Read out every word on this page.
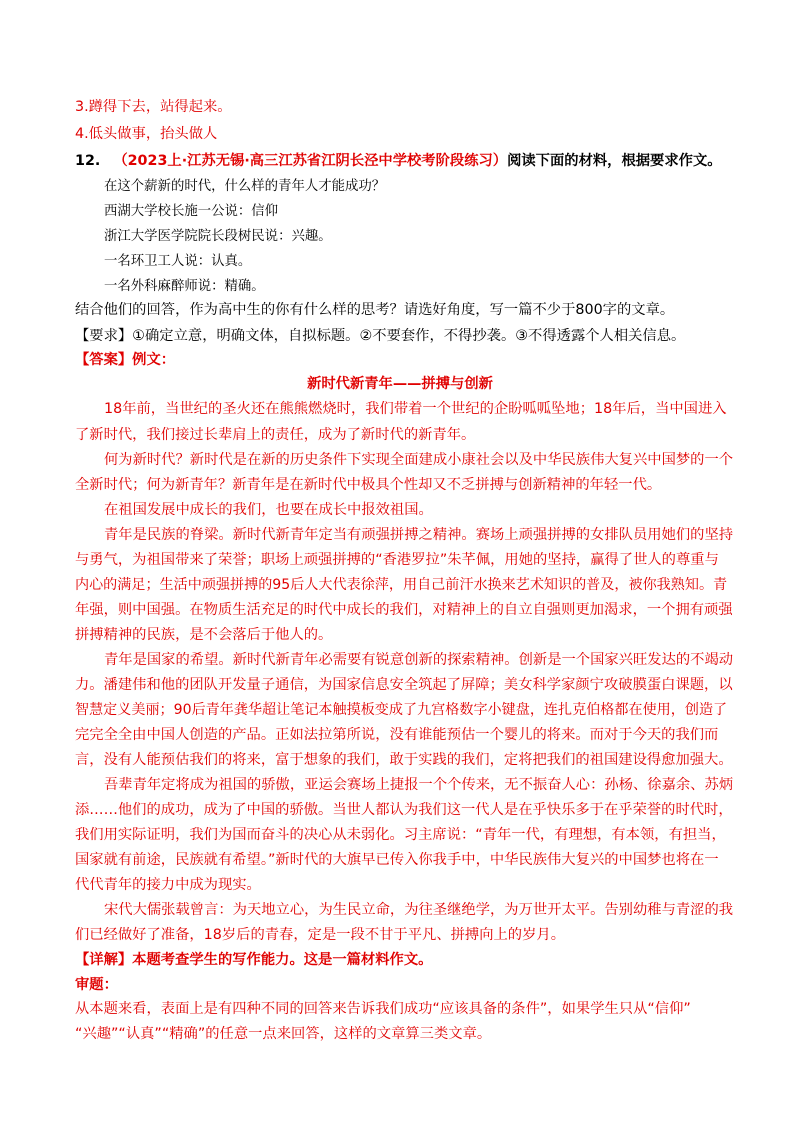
3.蹲得下去，站得起来。
4.低头做事，抬头做人
12. （2023上·江苏无锡·高三江苏省江阴长泾中学校考阶段练习）阅读下面的材料，根据要求作文。
在这个薪新的时代，什么样的青年人才能成功？
西湖大学校长施一公说：信仰
浙江大学医学院院长段树民说：兴趣。
一名环卫工人说：认真。
一名外科麻醉师说：精确。
结合他们的回答，作为高中生的你有什么样的思考？请选好角度，写一篇不少于800字的文章。
【要求】①确定立意，明确文体，自拟标题。②不要套作，不得抄袭。③不得透露个人相关信息。
【答案】例文：
新时代新青年——拼搏与创新
18年前，当世纪的圣火还在熊熊燃烧时，我们带着一个世纪的企盼呱呱坠地；18年后，当中国进入
了新时代，我们接过长辈肩上的责任，成为了新时代的新青年。
何为新时代？新时代是在新的历史条件下实现全面建成小康社会以及中华民族伟大复兴中国梦的一个
全新时代；何为新青年？新青年是在新时代中极具个性却又不乏拼搏与创新精神的年轻一代。
在祖国发展中成长的我们，也要在成长中报效祖国。
青年是民族的脊梁。新时代新青年定当有顽强拼搏之精神。赛场上顽强拼搏的女排队员用她们的坚持
与勇气，为祖国带来了荣誉；职场上顽强拼搏的“香港罗拉”朱芊佩，用她的坚持，赢得了世人的尊重与
内心的满足；生活中顽强拼搏的95后人大代表徐萍，用自己前汗水换来艺术知识的普及，被你我熟知。青
年强，则中国强。在物质生活充足的时代中成长的我们，对精神上的自立自强则更加渴求，一个拥有顽强
拼搏精神的民族，是不会落后于他人的。
青年是国家的希望。新时代新青年必需要有锐意创新的探索精神。创新是一个国家兴旺发达的不竭动
力。潘建伟和他的团队开发量子通信，为国家信息安全筑起了屏障；美女科学家颜宁攻破膜蛋白课题，以
智慧定义美丽；90后青年龚华超让笔记本触摸板变成了九宫格数字小键盘，连扎克伯格都在使用，创造了
完完全全由中国人创造的产品。正如法拉第所说，没有谁能预估一个婴儿的将来。而对于今天的我们而
言，没有人能预估我们的将来，富于想象的我们，敢于实践的我们，定将把我们的祖国建设得愈加强大。
吾辈青年定将成为祖国的骄傲，亚运会赛场上捷报一个个传来，无不振奋人心：孙杨、徐嘉余、苏炳
添……他们的成功，成为了中国的骄傲。当世人都认为我们这一代人是在乎快乐多于在乎荣誉的时代时，
我们用实际证明，我们为国而奋斗的决心从未弱化。习主席说：“青年一代，有理想，有本领，有担当，
国家就有前途，民族就有希望。”新时代的大旗早已传入你我手中，中华民族伟大复兴的中国梦也将在一
代代青年的接力中成为现实。
宋代大儒张载曾言：为天地立心，为生民立命，为往圣继绝学，为万世开太平。告别幼稚与青涩的我
们已经做好了准备，18岁后的青春，定是一段不甘于平凡、拼搏向上的岁月。
【详解】本题考查学生的写作能力。这是一篇材料作文。
审题：
从本题来看，表面上是有四种不同的回答来告诉我们成功“应该具备的条件”，如果学生只从“信仰”
“兴趣”“认真”“精确”的任意一点来回答，这样的文章算三类文章。
